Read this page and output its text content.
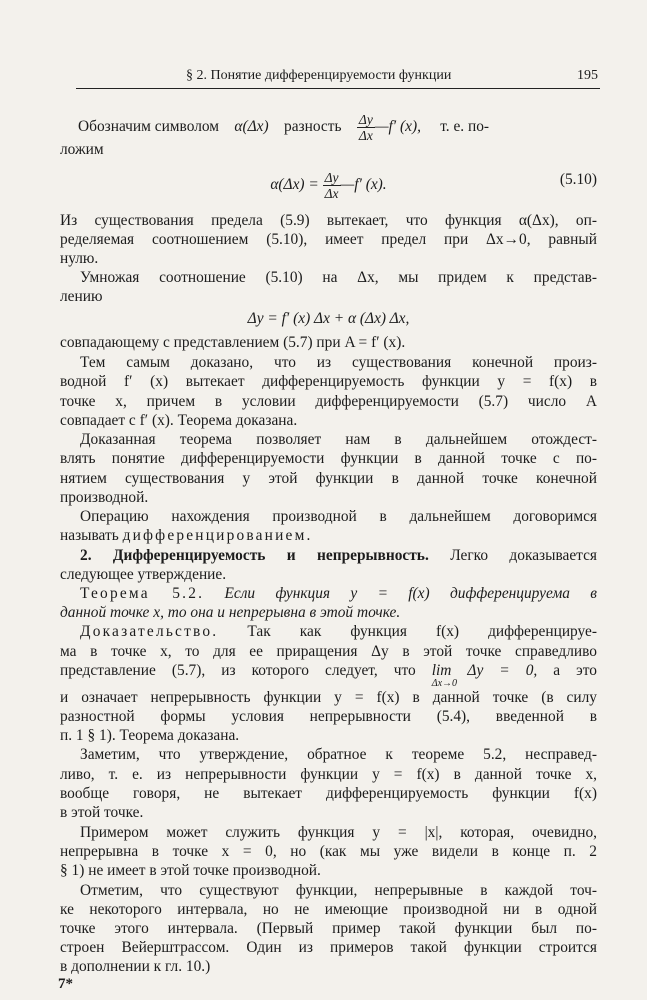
§ 2. Понятие дифференцируемости функции	195
Обозначим символом α(Δx) разность $\frac{\Delta y}{\Delta x}$ —f′ (x), т. е. по-
ложим
$\alpha(\Delta x) = \frac{\Delta y}{\Delta x}$ —f′ (x).	(5.10)
Из существования предела (5.9) вытекает, что функция α(Δx), оп-
ределяемая соотношением (5.10), имеет предел при Δx→0, равный
нулю.
Умножая соотношение (5.10) на Δx, мы придем к представ-
лению
Δy = f′ (x) Δx + α (Δx) Δx,
совпадающему с представлением (5.7) при A = f′ (x).
Тем самым доказано, что из существования конечной произ-
водной f′ (x) вытекает дифференцируемость функции y = f(x) в
точке x, причем в условии дифференцируемости (5.7) число A
совпадает с f′ (x). Теорема доказана.
Доказанная теорема позволяет нам в дальнейшем отождест-
влять понятие дифференцируемости функции в данной точке с по-
нятием существования у этой функции в данной точке конечной
производной.
Операцию нахождения производной в дальнейшем договоримся
называть дифференцированием.
2. Дифференцируемость и непрерывность. Легко доказывается
следующее утверждение.
Теорема 5.2. Если функция y = f(x) дифференцируема в
данной точке x, то она и непрерывна в этой точке.
Доказательство. Так как функция f(x) дифференцируе-
ма в точке x, то для ее приращения Δy в этой точке справедливо
представление (5.7), из которого следует, что lim Δy = 0,
Δx→0
а это
и означает непрерывность функции y = f(x) в данной точке (в силу
разностной формы условия непрерывности (5.4), введенной в
п. 1 § 1). Теорема доказана.
Заметим, что утверждение, обратное к теореме 5.2, несправед-
ливо, т. е. из непрерывности функции y = f(x) в данной точке x,
вообще говоря, не вытекает дифференцируемость функции f(x)
в этой точке.
Примером может служить функция y = |x|, которая, очевидно,
непрерывна в точке x = 0, но (как мы уже видели в конце п. 2
§ 1) не имеет в этой точке производной.
Отметим, что существуют функции, непрерывные в каждой точ-
ке некоторого интервала, но не имеющие производной ни в одной
точке этого интервала. (Первый пример такой функции был по-
строен Вейерштрассом. Один из примеров такой функции строится
в дополнении к гл. 10.)
7*
